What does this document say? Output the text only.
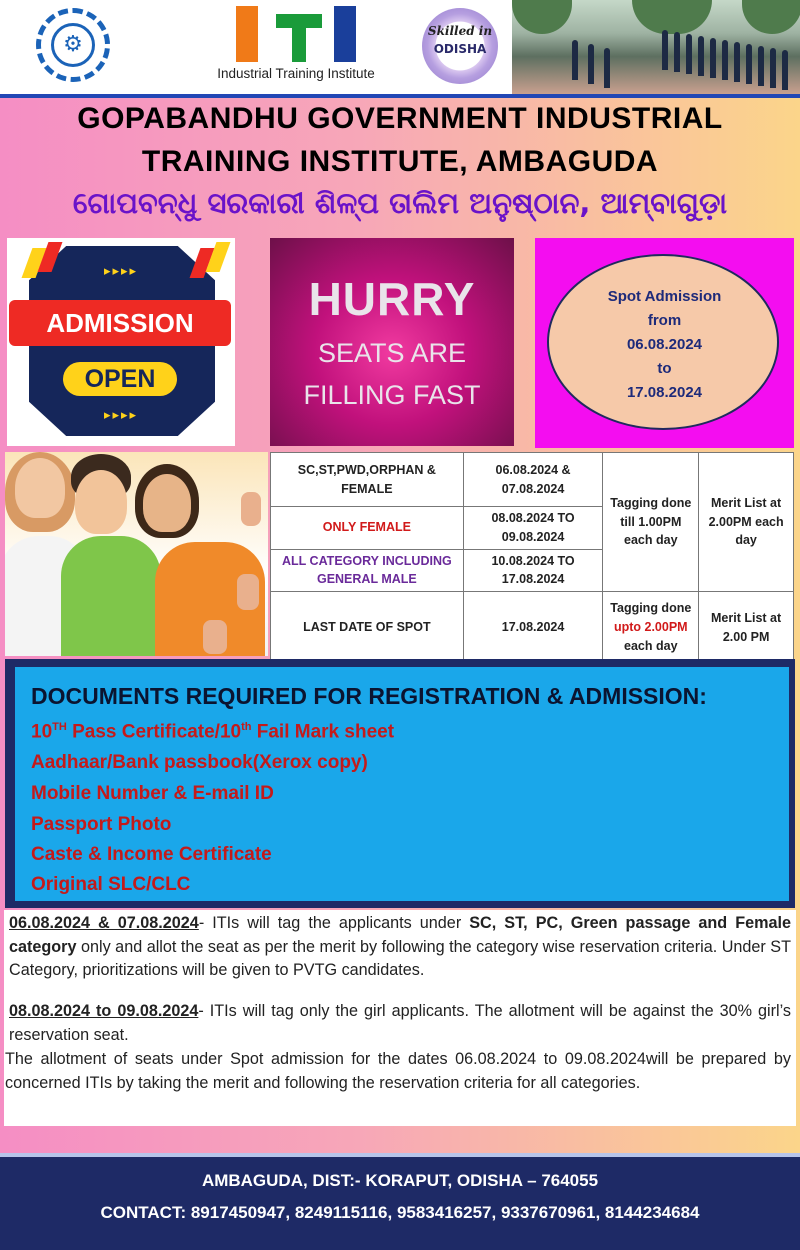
⚙
Industrial Training Institute
Skilled in
ODISHA
GOPABANDHU GOVERNMENT INDUSTRIAL
TRAINING INSTITUTE, AMBAGUDA
ଗୋପବନ୍ଧୁ ସରକାରୀ ଶିଳ୍ପ ତାଲିମ ଅନୁଷ୍ଠାନ, ଆମ୍ବାଗୁଡ଼ା
▸▸▸▸
ADMISSION
OPEN
▸▸▸▸
HURRY
SEATS ARE
FILLING FAST
Spot Admission
from
06.08.2024
to
17.08.2024
SC,ST,PWD,ORPHAN & FEMALE	06.08.2024 & 07.08.2024	Tagging done till 1.00PM each day	Merit List at 2.00PM each day
ONLY FEMALE	08.08.2024 TO 09.08.2024		
ALL CATEGORY INCLUDING GENERAL MALE	10.08.2024 TO 17.08.2024		
LAST DATE OF SPOT	17.08.2024	Tagging done
upto 2.00PM
each day	Merit List at 2.00 PM
DOCUMENTS REQUIRED FOR REGISTRATION & ADMISSION:
10TH Pass Certificate/10th Fail Mark sheet
Aadhaar/Bank passbook(Xerox copy)
Mobile Number & E-mail ID
Passport Photo
Caste & Income Certificate
Original SLC/CLC

06.08.2024 & 07.08.2024- ITIs will tag the applicants under SC, ST, PC, Green passage and Female category only and allot the seat as per the merit by following the category wise reservation criteria. Under ST Category, prioritizations will be given to PVTG candidates.

08.08.2024 to 09.08.2024- ITIs will tag only the girl applicants. The allotment will be against the 30% girl’s reservation seat.

The allotment of seats under Spot admission for the dates 06.08.2024 to 09.08.2024will be prepared by concerned ITIs by taking the merit and following the reservation criteria for all categories.

AMBAGUDA, DIST:- KORAPUT, ODISHA – 764055
CONTACT: 8917450947, 8249115116, 9583416257, 9337670961, 8144234684
